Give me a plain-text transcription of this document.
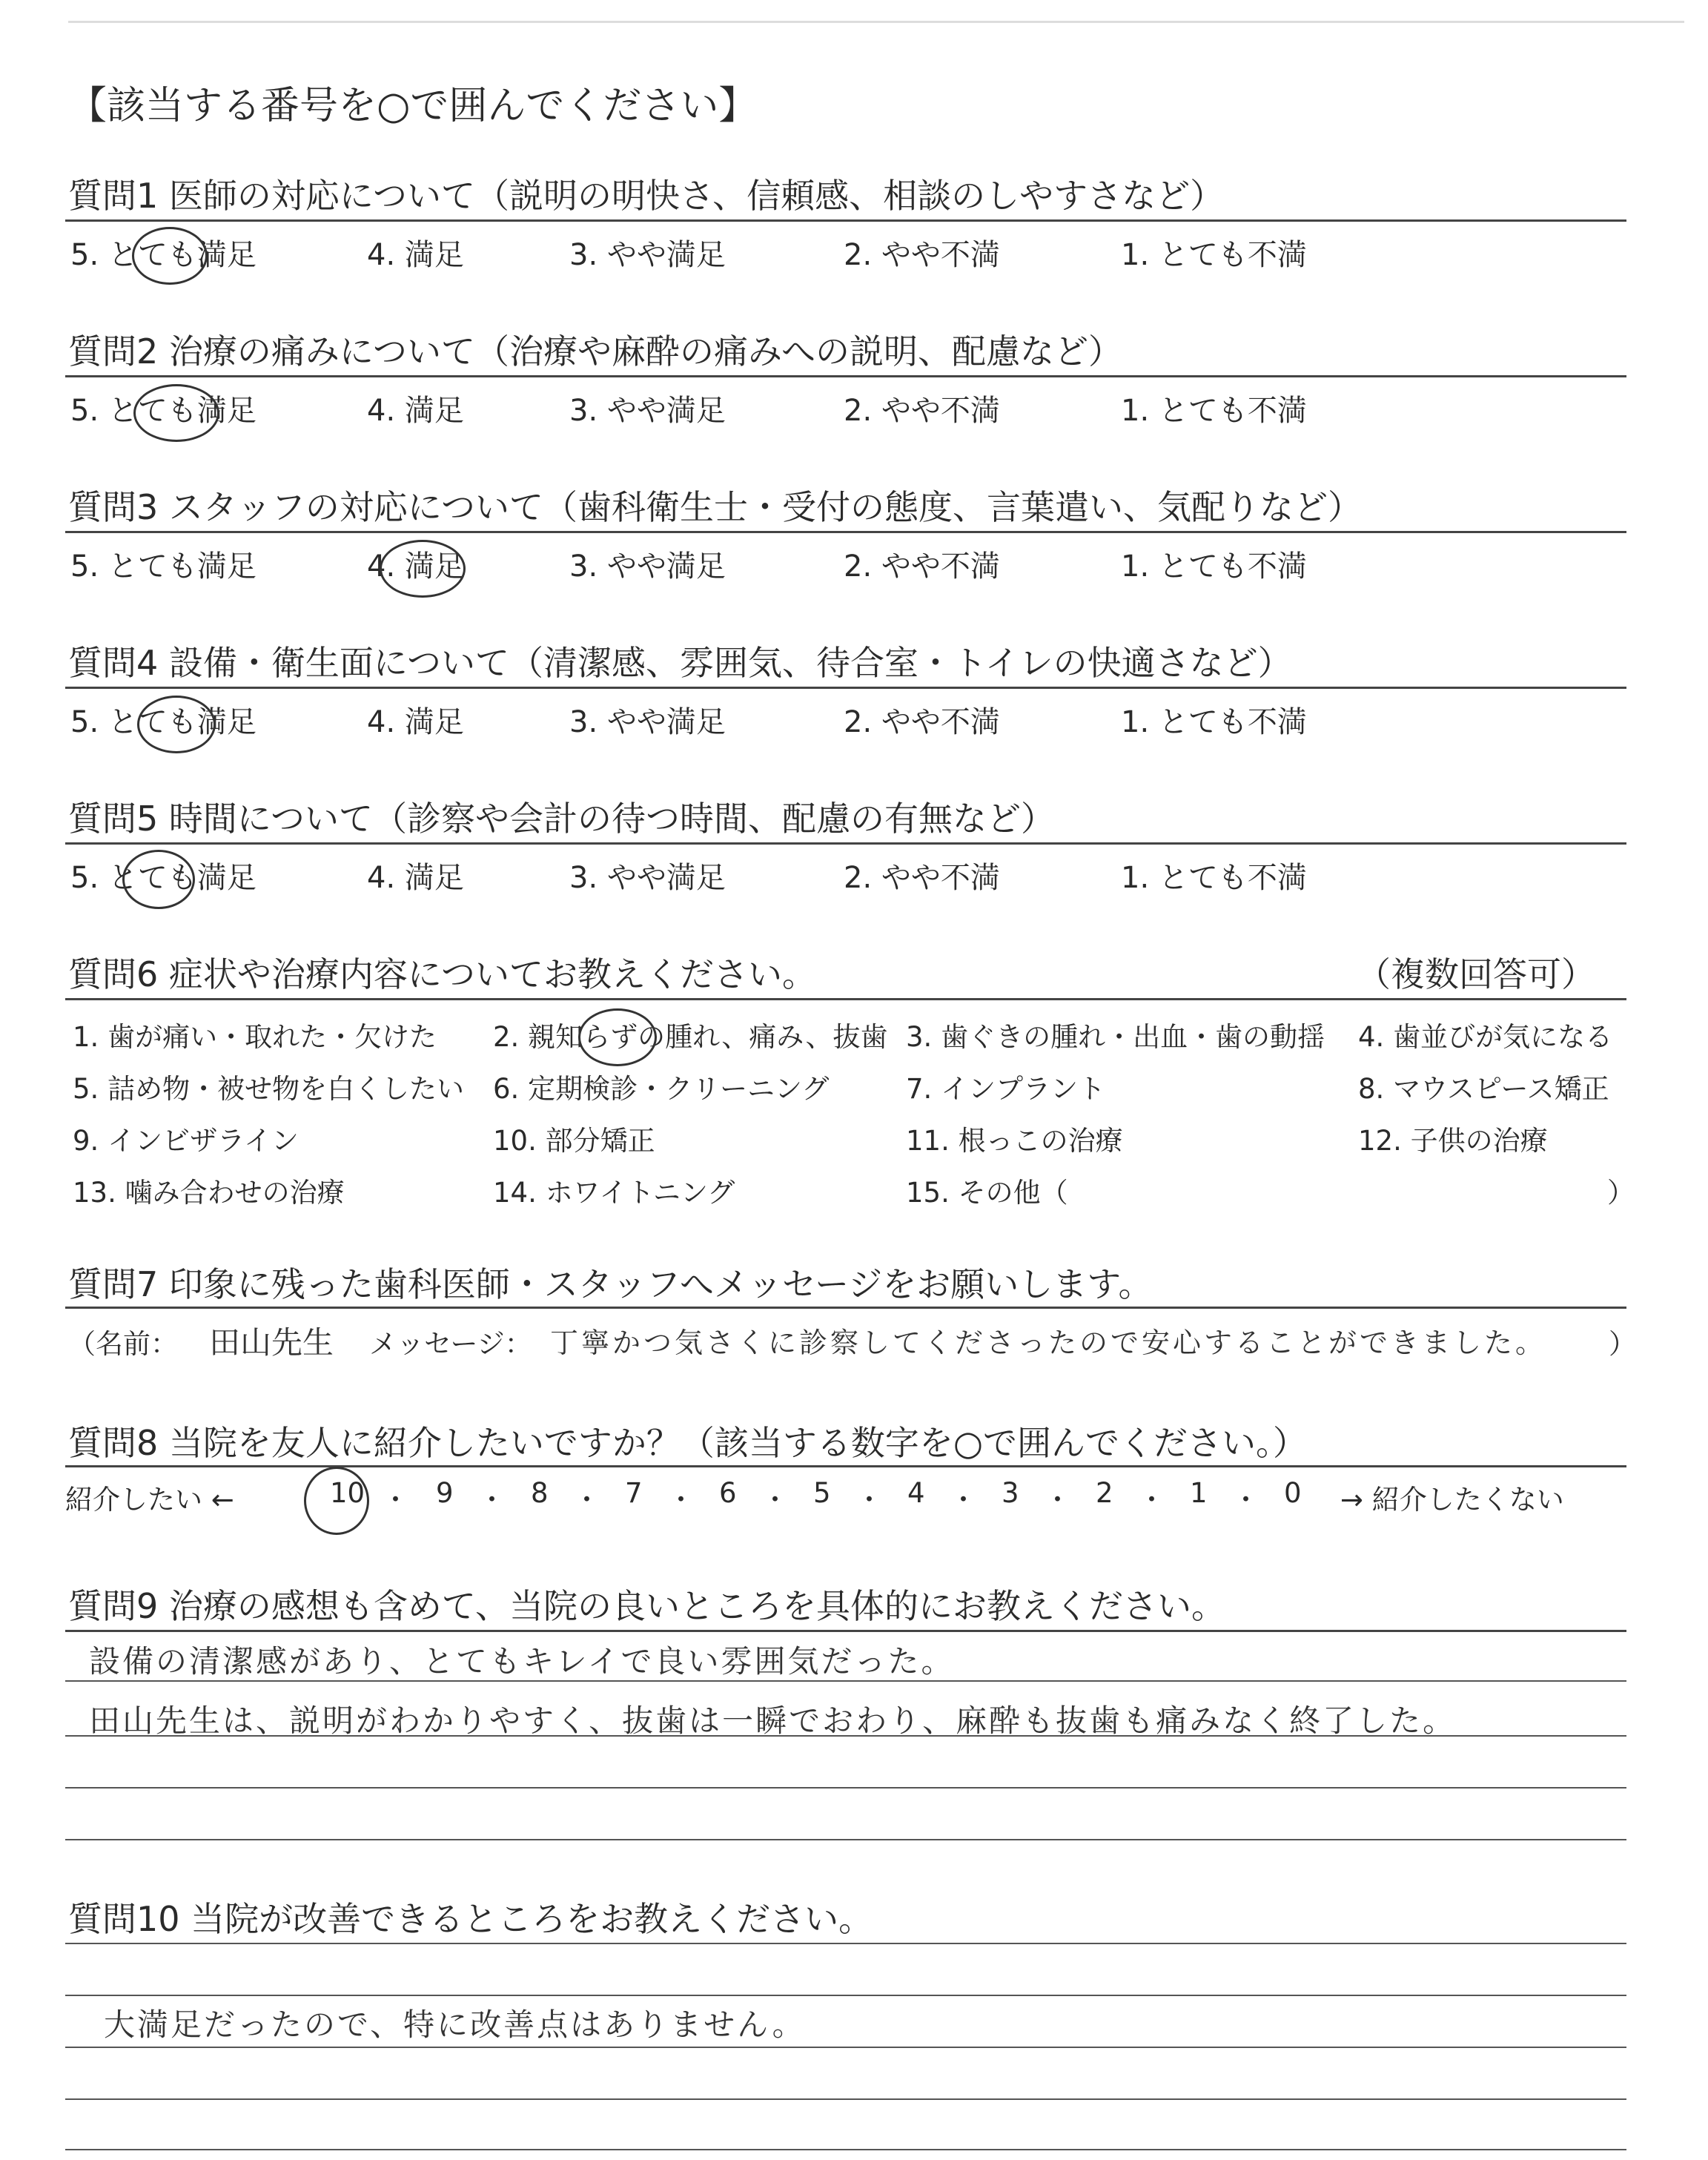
【該当する番号を○で囲んでください】
質問1 医師の対応について（説明の明快さ、信頼感、相談のしやすさなど）
5. とても満足	4. 満足	3. やや満足	2. やや不満	1. とても不満
質問2 治療の痛みについて（治療や麻酔の痛みへの説明、配慮など）
5. とても満足	4. 満足	3. やや満足	2. やや不満	1. とても不満
質問3 スタッフの対応について（歯科衛生士・受付の態度、言葉遣い、気配りなど）
5. とても満足	4. 満足	3. やや満足	2. やや不満	1. とても不満
質問4 設備・衛生面について（清潔感、雰囲気、待合室・トイレの快適さなど）
5. とても満足	4. 満足	3. やや満足	2. やや不満	1. とても不満
質問5 時間について（診察や会計の待つ時間、配慮の有無など）
5. とても満足	4. 満足	3. やや満足	2. やや不満	1. とても不満
質問6 症状や治療内容についてお教えください。	（複数回答可）
1. 歯が痛い・取れた・欠けた 2. 親知らずの腫れ、痛み、抜歯 3. 歯ぐきの腫れ・出血・歯の動揺 4. 歯並びが気になる
5. 詰め物・被せ物を白くしたい 6. 定期検診・クリーニング	7. インプラント	8. マウスピース矯正
9. インビザライン	10. 部分矯正	11. 根っこの治療	12. 子供の治療
13. 噛み合わせの治療	14. ホワイトニング	15. その他（	）
質問7 印象に残った歯科医師・スタッフへメッセージをお願いします。
（名前： 田山先生 メッセージ： 丁寧かつ気さくに診察してくださったので安心することができました。 ）
質問8 当院を友人に紹介したいですか？（該当する数字を○で囲んでください。）
紹介したい ←	10 ・ 9 ・ 8 ・ 7 ・ 6 ・ 5 ・ 4 ・ 3 ・ 2 ・ 1 ・ 0 → 紹介したくない
質問9 治療の感想も含めて、当院の良いところを具体的にお教えください。
設備の清潔感があり、とてもキレイで良い雰囲気だった。
田山先生は、説明がわかりやすく、抜歯は一瞬でおわり、麻酔も抜歯も痛みなく終了した。
質問10 当院が改善できるところをお教えください。
大満足だったので、特に改善点はありません。
